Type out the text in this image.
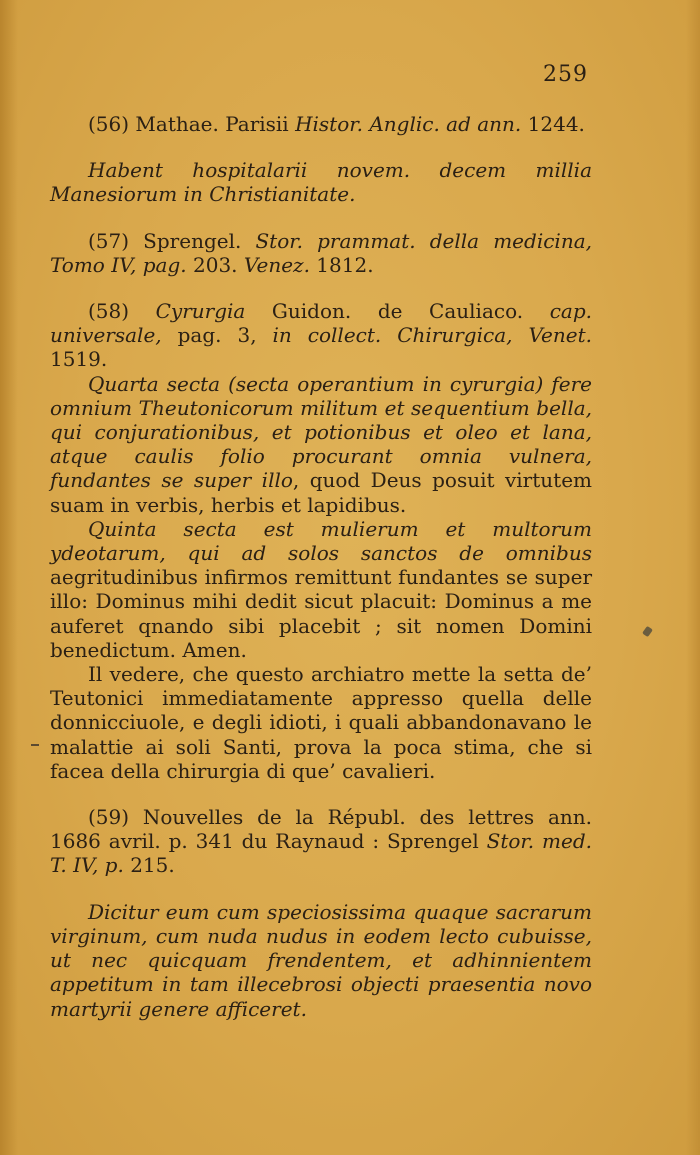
259

(56) Mathae. Parisii Histor. Anglic. ad ann. 1244.

Habent hospitalarii novem. decem millia Manesiorum in Christianitate.

(57) Sprengel. Stor. prammat. della medicina, Tomo IV, pag. 203. Venez. 1812.

(58) Cyrurgia Guidon. de Cauliaco. cap. universale, pag. 3, in collect. Chirurgica, Venet. 1519.

Quarta secta (secta operantium in cyrurgia) fere omnium Theutonicorum militum et sequentium bella, qui conjurationibus, et potionibus et oleo et lana, atque caulis folio procurant omnia vulnera, fundantes se super illo, quod Deus posuit virtutem suam in verbis, herbis et lapidibus.

Quinta secta est mulierum et multorum ydeotarum, qui ad solos sanctos de omnibus aegritudinibus infirmos remittunt fundantes se super illo: Dominus mihi dedit sicut placuit: Dominus a me auferet qnando sibi placebit ; sit nomen Domini benedictum. Amen.

Il vedere, che questo archiatro mette la setta de’ Teutonici immediatamente appresso quella delle donnicciuole, e degli idioti, i quali abbandonavano le malattie ai soli Santi, prova la poca stima, che si facea della chirurgia di que’ cavalieri.

(59) Nouvelles de la Républ. des lettres ann. 1686 avril. p. 341 du Raynaud : Sprengel Stor. med. T. IV, p. 215.

Dicitur eum cum speciosissima quaque sacrarum virginum, cum nuda nudus in eodem lecto cubuisse, ut nec quicquam frendentem, et adhinnientem appetitum in tam illecebrosi objecti praesentia novo martyrii genere afficeret.
